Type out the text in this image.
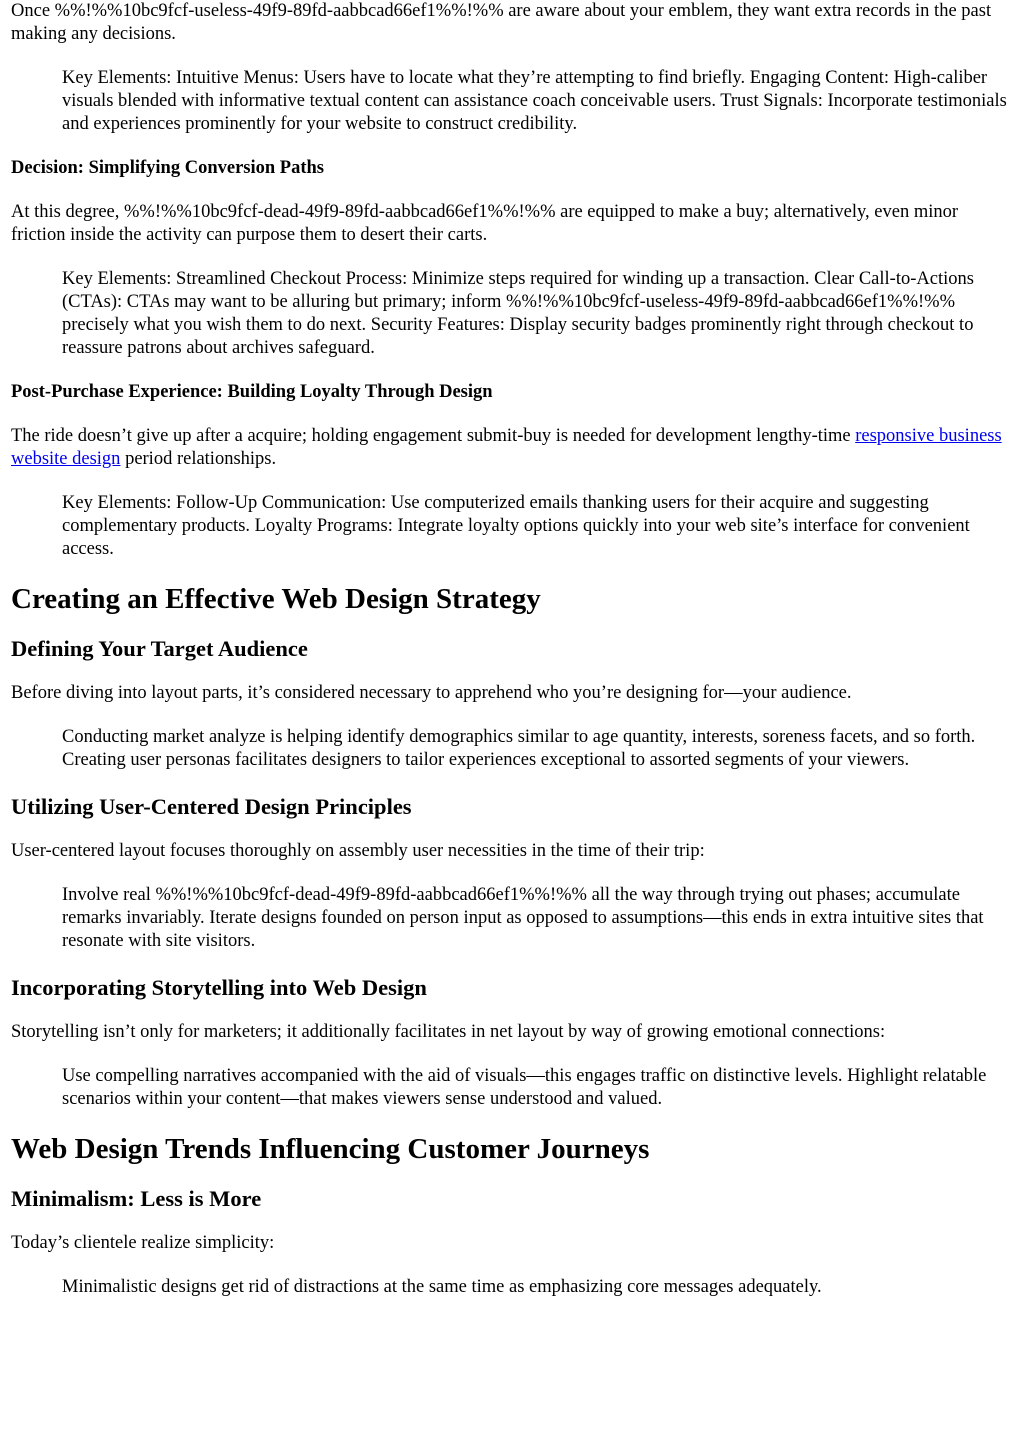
Once %%!%%10bc9fcf-useless-49f9-89fd-aabbcad66ef1%%!%% are aware about your emblem, they want extra records in the past making any decisions.

Key Elements: Intuitive Menus: Users have to locate what they’re attempting to find briefly. Engaging Content: High-caliber visuals blended with informative textual content can assistance coach conceivable users. Trust Signals: Incorporate testimonials and experiences prominently for your website to construct credibility.
Decision: Simplifying Conversion Paths

At this degree, %%!%%10bc9fcf-dead-49f9-89fd-aabbcad66ef1%%!%% are equipped to make a buy; alternatively, even minor friction inside the activity can purpose them to desert their carts.

Key Elements: Streamlined Checkout Process: Minimize steps required for winding up a transaction. Clear Call-to-Actions (CTAs): CTAs may want to be alluring but primary; inform %%!%%10bc9fcf-useless-49f9-89fd-aabbcad66ef1%%!%% precisely what you wish them to do next. Security Features: Display security badges prominently right through checkout to reassure patrons about archives safeguard.
Post-Purchase Experience: Building Loyalty Through Design

The ride doesn’t give up after a acquire; holding engagement submit-buy is needed for development lengthy-time responsive business website design period relationships.

Key Elements: Follow-Up Communication: Use computerized emails thanking users for their acquire and suggesting complementary products. Loyalty Programs: Integrate loyalty options quickly into your web site’s interface for convenient access.
Creating an Effective Web Design Strategy
Defining Your Target Audience

Before diving into layout parts, it’s considered necessary to apprehend who you’re designing for—your audience.

Conducting market analyze is helping identify demographics similar to age quantity, interests, soreness facets, and so forth. Creating user personas facilitates designers to tailor experiences exceptional to assorted segments of your viewers.
Utilizing User-Centered Design Principles

User-centered layout focuses thoroughly on assembly user necessities in the time of their trip:

Involve real %%!%%10bc9fcf-dead-49f9-89fd-aabbcad66ef1%%!%% all the way through trying out phases; accumulate remarks invariably. Iterate designs founded on person input as opposed to assumptions—this ends in extra intuitive sites that resonate with site visitors.
Incorporating Storytelling into Web Design

Storytelling isn’t only for marketers; it additionally facilitates in net layout by way of growing emotional connections:

Use compelling narratives accompanied with the aid of visuals—this engages traffic on distinctive levels. Highlight relatable scenarios within your content—that makes viewers sense understood and valued.
Web Design Trends Influencing Customer Journeys
Minimalism: Less is More

Today’s clientele realize simplicity:

Minimalistic designs get rid of distractions at the same time as emphasizing core messages adequately.
